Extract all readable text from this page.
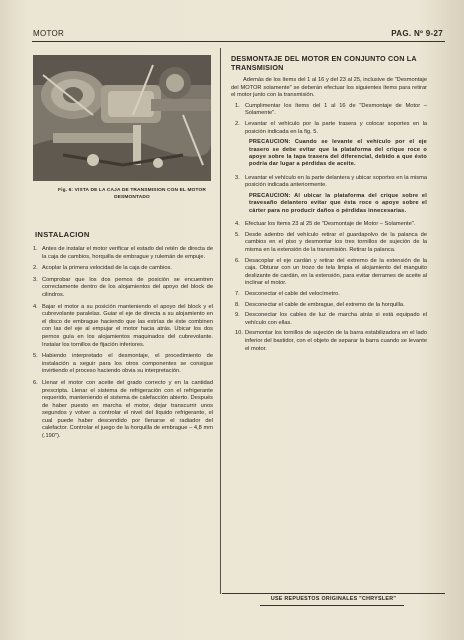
MOTOR	PAG. Nº 9-27
Fig. 6: VISTA DE LA CAJA DE TRANSMISION CON EL MOTOR DESMONTADO
INSTALACION
1. Antes de instalar el motor verificar el estado del retén de directa de la caja de cambios, horquilla de embrague y rulemán de empuje.
2. Acoplar la primera velocidad de la caja de cambios.
3. Comprobar que los dos pernos de posición se encuentren correctamente dentro de los alojamientos del apoyo del block de cilindros.
4. Bajar el motor a su posición manteniendo el apoyo del block y el cubrevolante paralelas. Guiar el eje de directa a su alojamiento en el disco de embrague haciendo que las estrías de éste combinen con las del eje al empujar el motor hacia atrás. Ubicar los dos pernos guía en los alojamientos maquinados del cubrevolante. Instalar los tornillos de fijación inferiores.
5. Habiendo interpretado el desmontaje, el procedimiento de instalación a seguir para los otros componentes se consigue invirtiendo el proceso haciendo obvia su interpretación.
6. Llenar el motor con aceite del grado correcto y en la cantidad prescripta. Llenar el sistema de refrigeración con el refrigerante requerido, manteniendo el sistema de calefacción abierto. Después de haber puesto en marcha el motor, dejar transcurrir unos segundos y volver a controlar el nivel del líquido refrigerante, el cual puede haber descendido por llenarse el radiador del calefactor. Controlar el juego de la horquilla de embrague – 4,8 mm (.190").
DESMONTAJE DEL MOTOR EN CONJUNTO CON LA TRANSMISION
Además de los ítems del 1 al 16 y del 23 al 25, inclusive de "Desmontaje del MOTOR solamente" se deberán efectuar los siguientes ítems para retirar el motor junto con la transmisión.
1. Cumplimentar los ítems del 1 al 16 de "Desmontaje de Motor – Solamente".
2. Levantar el vehículo por la parte trasera y colocar soportes en la posición indicada en la fig. 5.
PRECAUCION: Cuando se levante el vehículo por el eje trasero se debe evitar que la plataforma del crique roce o apoye sobre la tapa trasera del diferencial, debido a que ésto podría dar lugar a pérdidas de aceite.
3. Levantar el vehículo en la parte delantera y ubicar soportes en la misma posición indicada anteriormente.
PRECAUCION: Al ubicar la plataforma del crique sobre el travesaño delantero evitar que ésta roce o apoye sobre el cárter para no producir daños o pérdidas innecesarias.
4. Efectuar los ítems 23 al 25 de "Desmontaje de Motor – Solamente".
5. Desde adentro del vehículo retirar el guardapolvo de la palanca de cambios en el piso y desmontar los tres tornillos de sujeción de la misma en la extensión de la transmisión. Retirar la palanca.
6. Desacoplar el eje cardán y retirar del extremo de la extensión de la caja. Obturar con un trozo de tela limpia el alojamiento del manguito deslizante de cardán, en la extensión, para evitar derrames de aceite al inclinar el motor.
7. Desconectar el cable del velocímetro.
8. Desconectar el cable de embrague, del extremo de la horquilla.
9. Desconectar los cables de luz de marcha atrás si está equipado el vehículo con ellas.
10. Desmontar los tornillos de sujeción de la barra estabilizadora en el lado inferior del bastidor, con el objeto de separar la barra cuando se levante el motor.
USE REPUESTOS ORIGINALES "CHRYSLER"
